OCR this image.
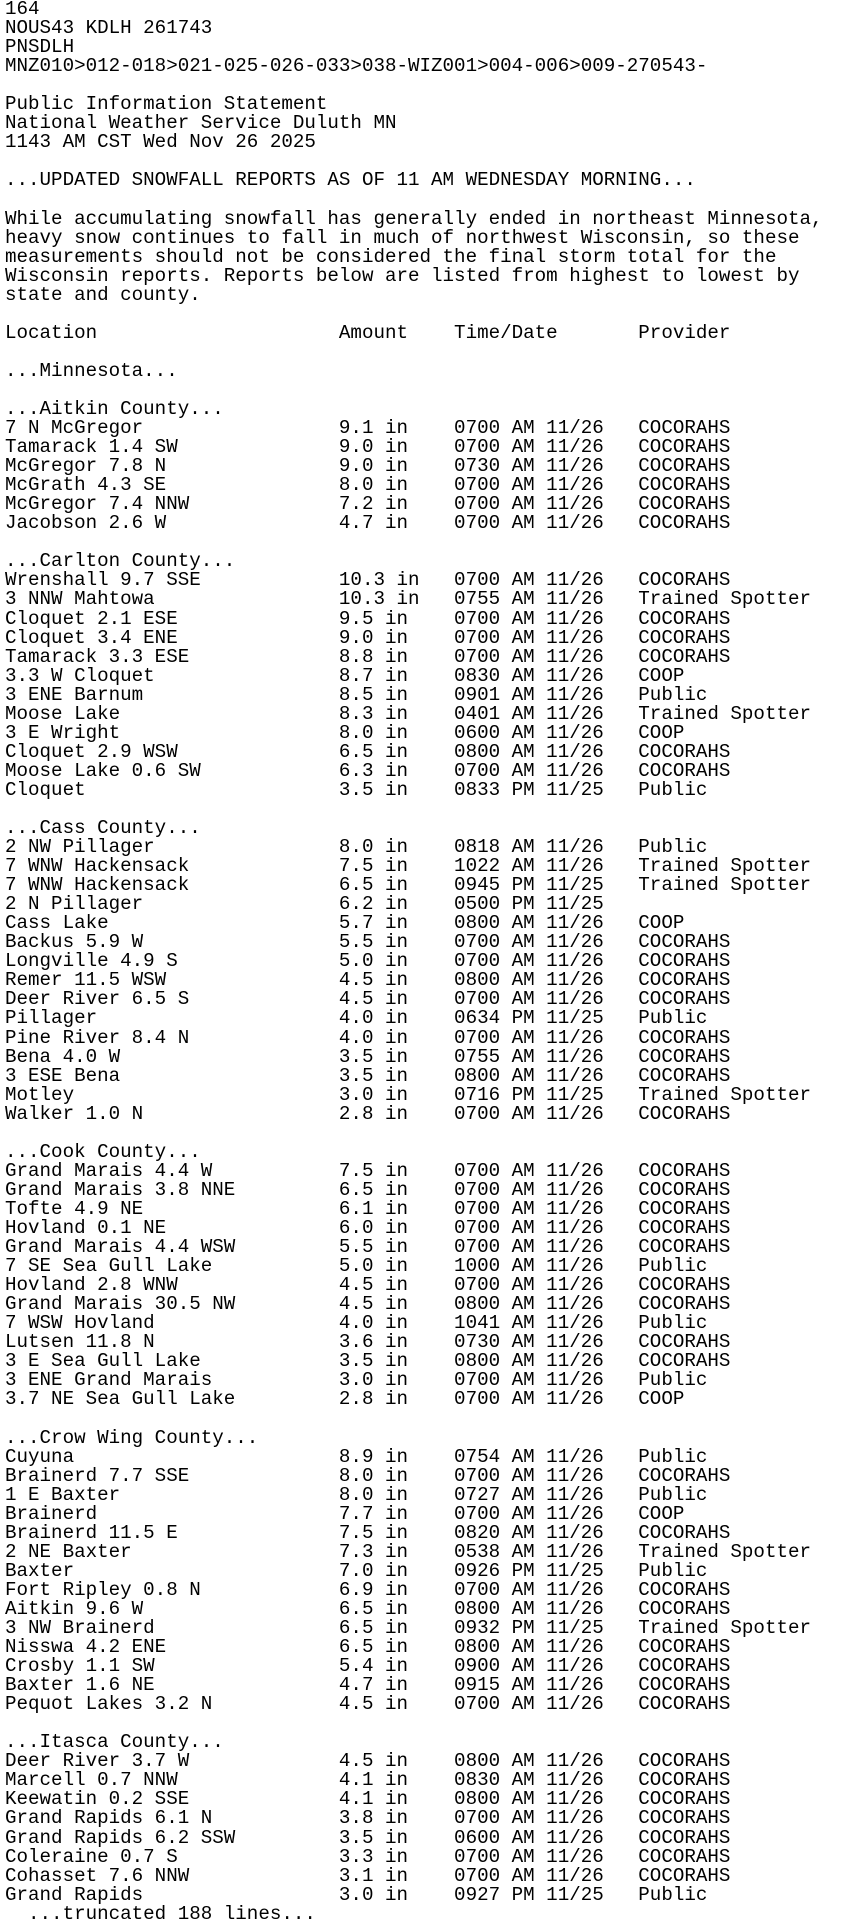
164
NOUS43 KDLH 261743
PNSDLH
MNZ010>012-018>021-025-026-033>038-WIZ001>004-006>009-270543-
Public Information Statement
National Weather Service Duluth MN
1143 AM CST Wed Nov 26 2025
...UPDATED SNOWFALL REPORTS AS OF 11 AM WEDNESDAY MORNING...
While accumulating snowfall has generally ended in northeast Minnesota,
heavy snow continues to fall in much of northwest Wisconsin, so these
measurements should not be considered the final storm total for the
Wisconsin reports. Reports below are listed from highest to lowest by
state and county.
Location                     Amount    Time/Date       Provider
...Minnesota...
...Aitkin County...
7 N McGregor                 9.1 in    0700 AM 11/26   COCORAHS
Tamarack 1.4 SW              9.0 in    0700 AM 11/26   COCORAHS
McGregor 7.8 N               9.0 in    0730 AM 11/26   COCORAHS
McGrath 4.3 SE               8.0 in    0700 AM 11/26   COCORAHS
McGregor 7.4 NNW             7.2 in    0700 AM 11/26   COCORAHS
Jacobson 2.6 W               4.7 in    0700 AM 11/26   COCORAHS
...Carlton County...
Wrenshall 9.7 SSE            10.3 in   0700 AM 11/26   COCORAHS
3 NNW Mahtowa                10.3 in   0755 AM 11/26   Trained Spotter
Cloquet 2.1 ESE              9.5 in    0700 AM 11/26   COCORAHS
Cloquet 3.4 ENE              9.0 in    0700 AM 11/26   COCORAHS
Tamarack 3.3 ESE             8.8 in    0700 AM 11/26   COCORAHS
3.3 W Cloquet                8.7 in    0830 AM 11/26   COOP
3 ENE Barnum                 8.5 in    0901 AM 11/26   Public
Moose Lake                   8.3 in    0401 AM 11/26   Trained Spotter
3 E Wright                   8.0 in    0600 AM 11/26   COOP
Cloquet 2.9 WSW              6.5 in    0800 AM 11/26   COCORAHS
Moose Lake 0.6 SW            6.3 in    0700 AM 11/26   COCORAHS
Cloquet                      3.5 in    0833 PM 11/25   Public
...Cass County...
2 NW Pillager                8.0 in    0818 AM 11/26   Public
7 WNW Hackensack             7.5 in    1022 AM 11/26   Trained Spotter
7 WNW Hackensack             6.5 in    0945 PM 11/25   Trained Spotter
2 N Pillager                 6.2 in    0500 PM 11/25
Cass Lake                    5.7 in    0800 AM 11/26   COOP
Backus 5.9 W                 5.5 in    0700 AM 11/26   COCORAHS
Longville 4.9 S              5.0 in    0700 AM 11/26   COCORAHS
Remer 11.5 WSW               4.5 in    0800 AM 11/26   COCORAHS
Deer River 6.5 S             4.5 in    0700 AM 11/26   COCORAHS
Pillager                     4.0 in    0634 PM 11/25   Public
Pine River 8.4 N             4.0 in    0700 AM 11/26   COCORAHS
Bena 4.0 W                   3.5 in    0755 AM 11/26   COCORAHS
3 ESE Bena                   3.5 in    0800 AM 11/26   COCORAHS
Motley                       3.0 in    0716 PM 11/25   Trained Spotter
Walker 1.0 N                 2.8 in    0700 AM 11/26   COCORAHS
...Cook County...
Grand Marais 4.4 W           7.5 in    0700 AM 11/26   COCORAHS
Grand Marais 3.8 NNE         6.5 in    0700 AM 11/26   COCORAHS
Tofte 4.9 NE                 6.1 in    0700 AM 11/26   COCORAHS
Hovland 0.1 NE               6.0 in    0700 AM 11/26   COCORAHS
Grand Marais 4.4 WSW         5.5 in    0700 AM 11/26   COCORAHS
7 SE Sea Gull Lake           5.0 in    1000 AM 11/26   Public
Hovland 2.8 WNW              4.5 in    0700 AM 11/26   COCORAHS
Grand Marais 30.5 NW         4.5 in    0800 AM 11/26   COCORAHS
7 WSW Hovland                4.0 in    1041 AM 11/26   Public
Lutsen 11.8 N                3.6 in    0730 AM 11/26   COCORAHS
3 E Sea Gull Lake            3.5 in    0800 AM 11/26   COCORAHS
3 ENE Grand Marais           3.0 in    0700 AM 11/26   Public
3.7 NE Sea Gull Lake         2.8 in    0700 AM 11/26   COOP
...Crow Wing County...
Cuyuna                       8.9 in    0754 AM 11/26   Public
Brainerd 7.7 SSE             8.0 in    0700 AM 11/26   COCORAHS
1 E Baxter                   8.0 in    0727 AM 11/26   Public
Brainerd                     7.7 in    0700 AM 11/26   COOP
Brainerd 11.5 E              7.5 in    0820 AM 11/26   COCORAHS
2 NE Baxter                  7.3 in    0538 AM 11/26   Trained Spotter
Baxter                       7.0 in    0926 PM 11/25   Public
Fort Ripley 0.8 N            6.9 in    0700 AM 11/26   COCORAHS
Aitkin 9.6 W                 6.5 in    0800 AM 11/26   COCORAHS
3 NW Brainerd                6.5 in    0932 PM 11/25   Trained Spotter
Nisswa 4.2 ENE               6.5 in    0800 AM 11/26   COCORAHS
Crosby 1.1 SW                5.4 in    0900 AM 11/26   COCORAHS
Baxter 1.6 NE                4.7 in    0915 AM 11/26   COCORAHS
Pequot Lakes 3.2 N           4.5 in    0700 AM 11/26   COCORAHS
...Itasca County...
Deer River 3.7 W             4.5 in    0800 AM 11/26   COCORAHS
Marcell 0.7 NNW              4.1 in    0830 AM 11/26   COCORAHS
Keewatin 0.2 SSE             4.1 in    0800 AM 11/26   COCORAHS
Grand Rapids 6.1 N           3.8 in    0700 AM 11/26   COCORAHS
Grand Rapids 6.2 SSW         3.5 in    0600 AM 11/26   COCORAHS
Coleraine 0.7 S              3.3 in    0700 AM 11/26   COCORAHS
Cohasset 7.6 NNW             3.1 in    0700 AM 11/26   COCORAHS
Grand Rapids                 3.0 in    0927 PM 11/25   Public
...truncated 188 lines...
